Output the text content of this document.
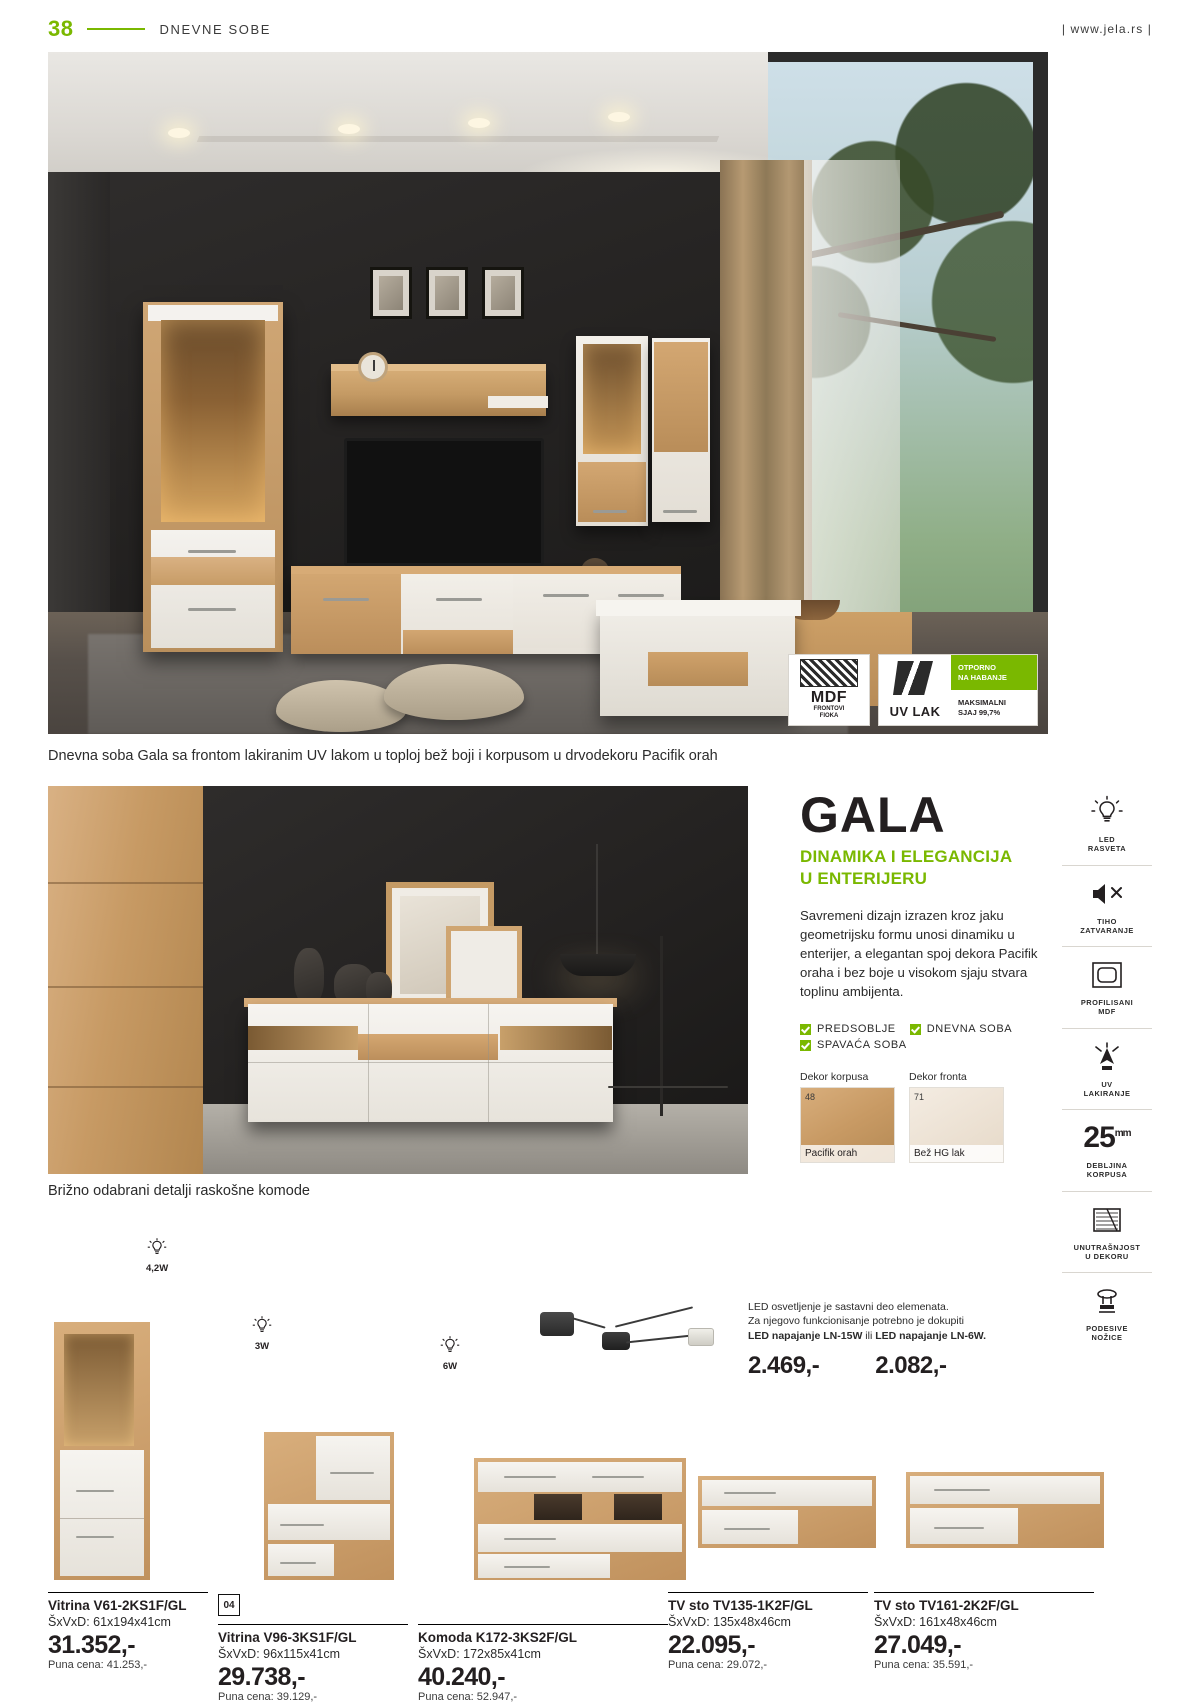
38	DNEVNE SOBE	| www.jela.rs |
MDF
FRONTOVI
FIOKA	UV LAK
OTPORNO
NA HABANJE
MAKSIMALNI
SJAJ 99,7%
Dnevna soba Gala sa frontom lakiranim UV lakom u toploj bež boji i korpusom u drvodekoru Pacifik orah
Brižno odabrani detalji raskošne komode
GALA
DINAMIKA I ELEGANCIJA
U ENTERIJERU
Savremeni dizajn izrazen kroz jaku geometrijsku formu unosi dinamiku u enterijer, a elegantan spoj dekora Pacifik oraha i bez boje u visokom sjaju stvara toplinu ambijenta.
PREDSOBLJE	DNEVNA SOBA
SPAVAĆA SOBA
Dekor korpusa
48
Pacifik orah
Dekor fronta
71
Bež HG lak
LED
RASVETA
TIHO
ZATVARANJE
PROFILISANI
MDF
UV
LAKIRANJE
$25^{mm}$
DEBLJINA
KORPUSA
UNUTRAŠNJOST
U DEKORU
PODESIVE
NOŽICE
LED osvetljenje je sastavni deo elemenata.
Za njegovo funkcionisanje potrebno je dokupiti
LED napajanje LN-15W ili LED napajanje LN-6W.
2.469,- 2.082,-
4,2W
Vitrina V61-2KS1F/GL
ŠxVxD: 61x194x41cm
31.352,-
Puna cena: 41.253,-
3W
04
Vitrina V96-3KS1F/GL
ŠxVxD: 96x115x41cm
29.738,-
Puna cena: 39.129,-
6W
Komoda K172-3KS2F/GL
ŠxVxD: 172x85x41cm
40.240,-
Puna cena: 52.947,-
TV sto TV135-1K2F/GL
ŠxVxD: 135x48x46cm
22.095,-
Puna cena: 29.072,-
TV sto TV161-2K2F/GL
ŠxVxD: 161x48x46cm
27.049,-
Puna cena: 35.591,-
